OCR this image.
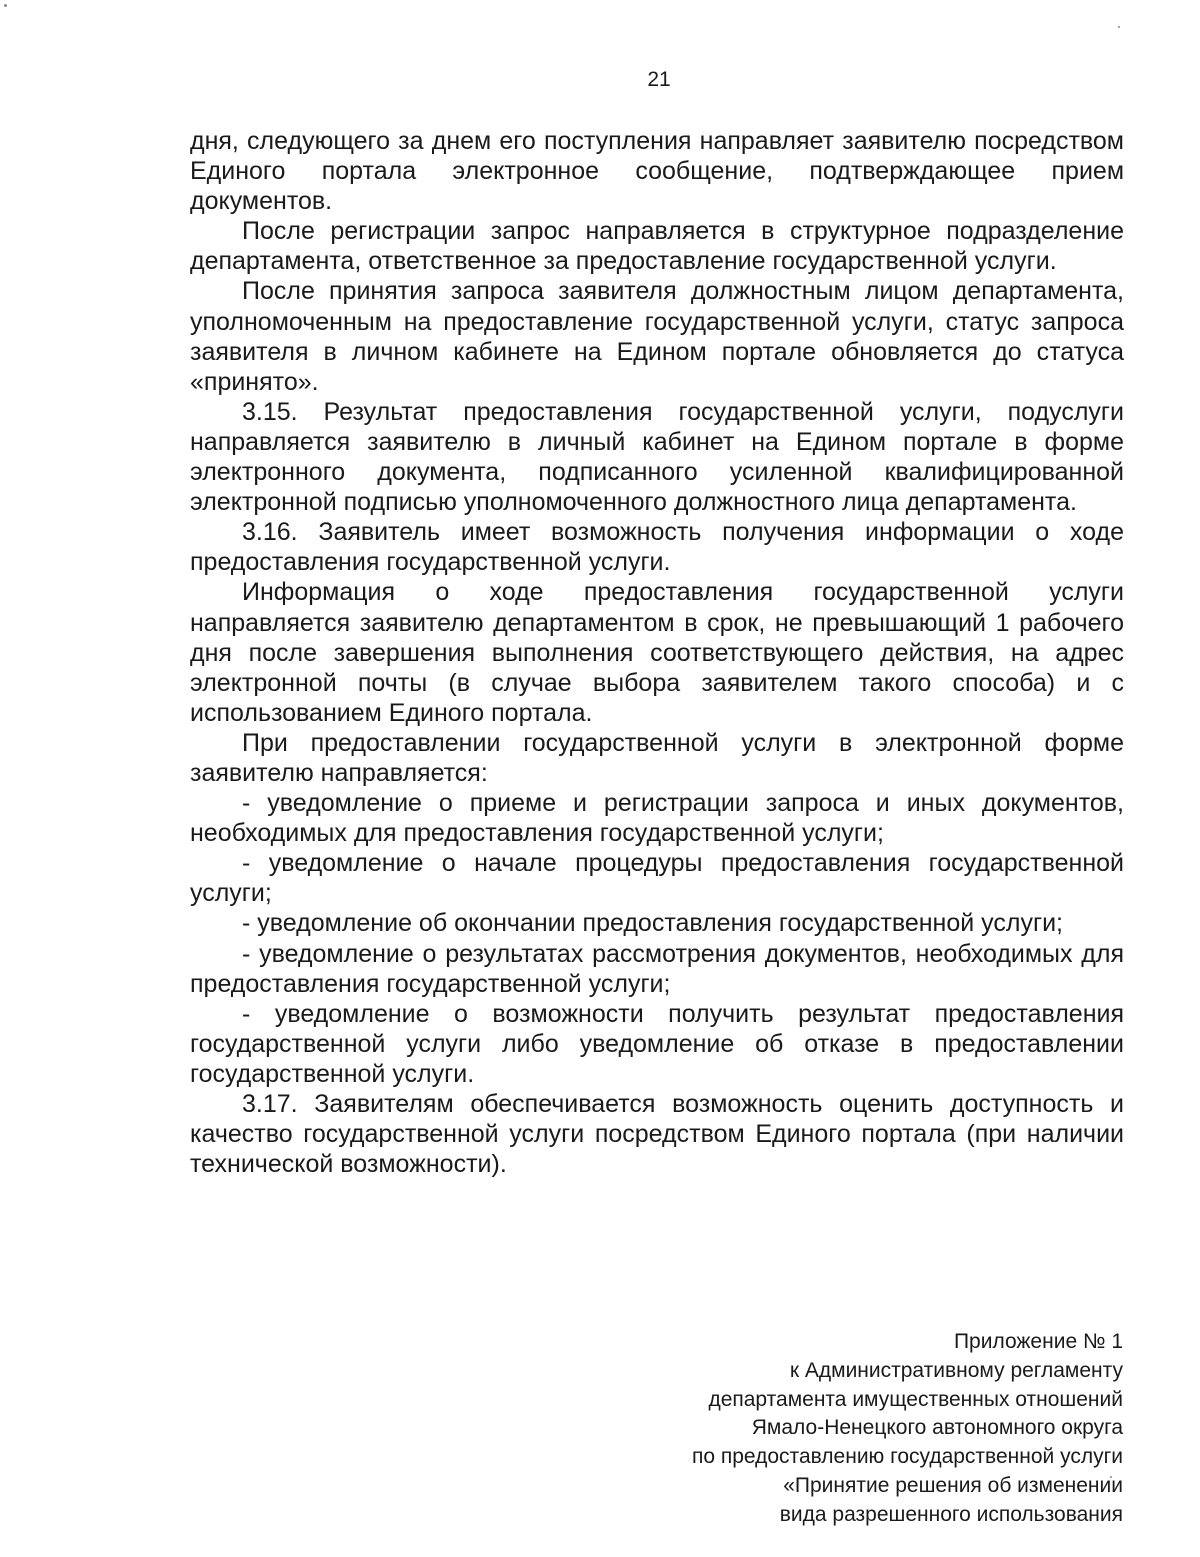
21

дня, следующего за днем его поступления направляет заявителю посредством Единого портала электронное сообщение, подтверждающее прием документов.

После регистрации запрос направляется в структурное подразделение департамента, ответственное за предоставление государственной услуги.

После принятия запроса заявителя должностным лицом департамента, уполномоченным на предоставление государственной услуги, статус запроса заявителя в личном кабинете на Едином портале обновляется до статуса «принято».

3.15. Результат предоставления государственной услуги, подуслуги направляется заявителю в личный кабинет на Едином портале в форме электронного документа, подписанного усиленной квалифицированной электронной подписью уполномоченного должностного лица департамента.

3.16. Заявитель имеет возможность получения информации о ходе предоставления государственной услуги.

Информация о ходе предоставления государственной услуги направляется заявителю департаментом в срок, не превышающий 1 рабочего дня после завершения выполнения соответствующего действия, на адрес электронной почты (в случае выбора заявителем такого способа) и с использованием Единого портала.

При предоставлении государственной услуги в электронной форме заявителю направляется:

- уведомление о приеме и регистрации запроса и иных документов, необходимых для предоставления государственной услуги;

- уведомление о начале процедуры предоставления государственной услуги;

- уведомление об окончании предоставления государственной услуги;

- уведомление о результатах рассмотрения документов, необходимых для предоставления государственной услуги;

- уведомление о возможности получить результат предоставления государственной услуги либо уведомление об отказе в предоставлении государственной услуги.

3.17. Заявителям обеспечивается возможность оценить доступность и качество государственной услуги посредством Единого портала (при наличии технической возможности).

Приложение № 1
к Административному регламенту
департамента имущественных отношений
Ямало-Ненецкого автономного округа
по предоставлению государственной услуги
«Принятие решения об изменении
вида разрешенного использования
